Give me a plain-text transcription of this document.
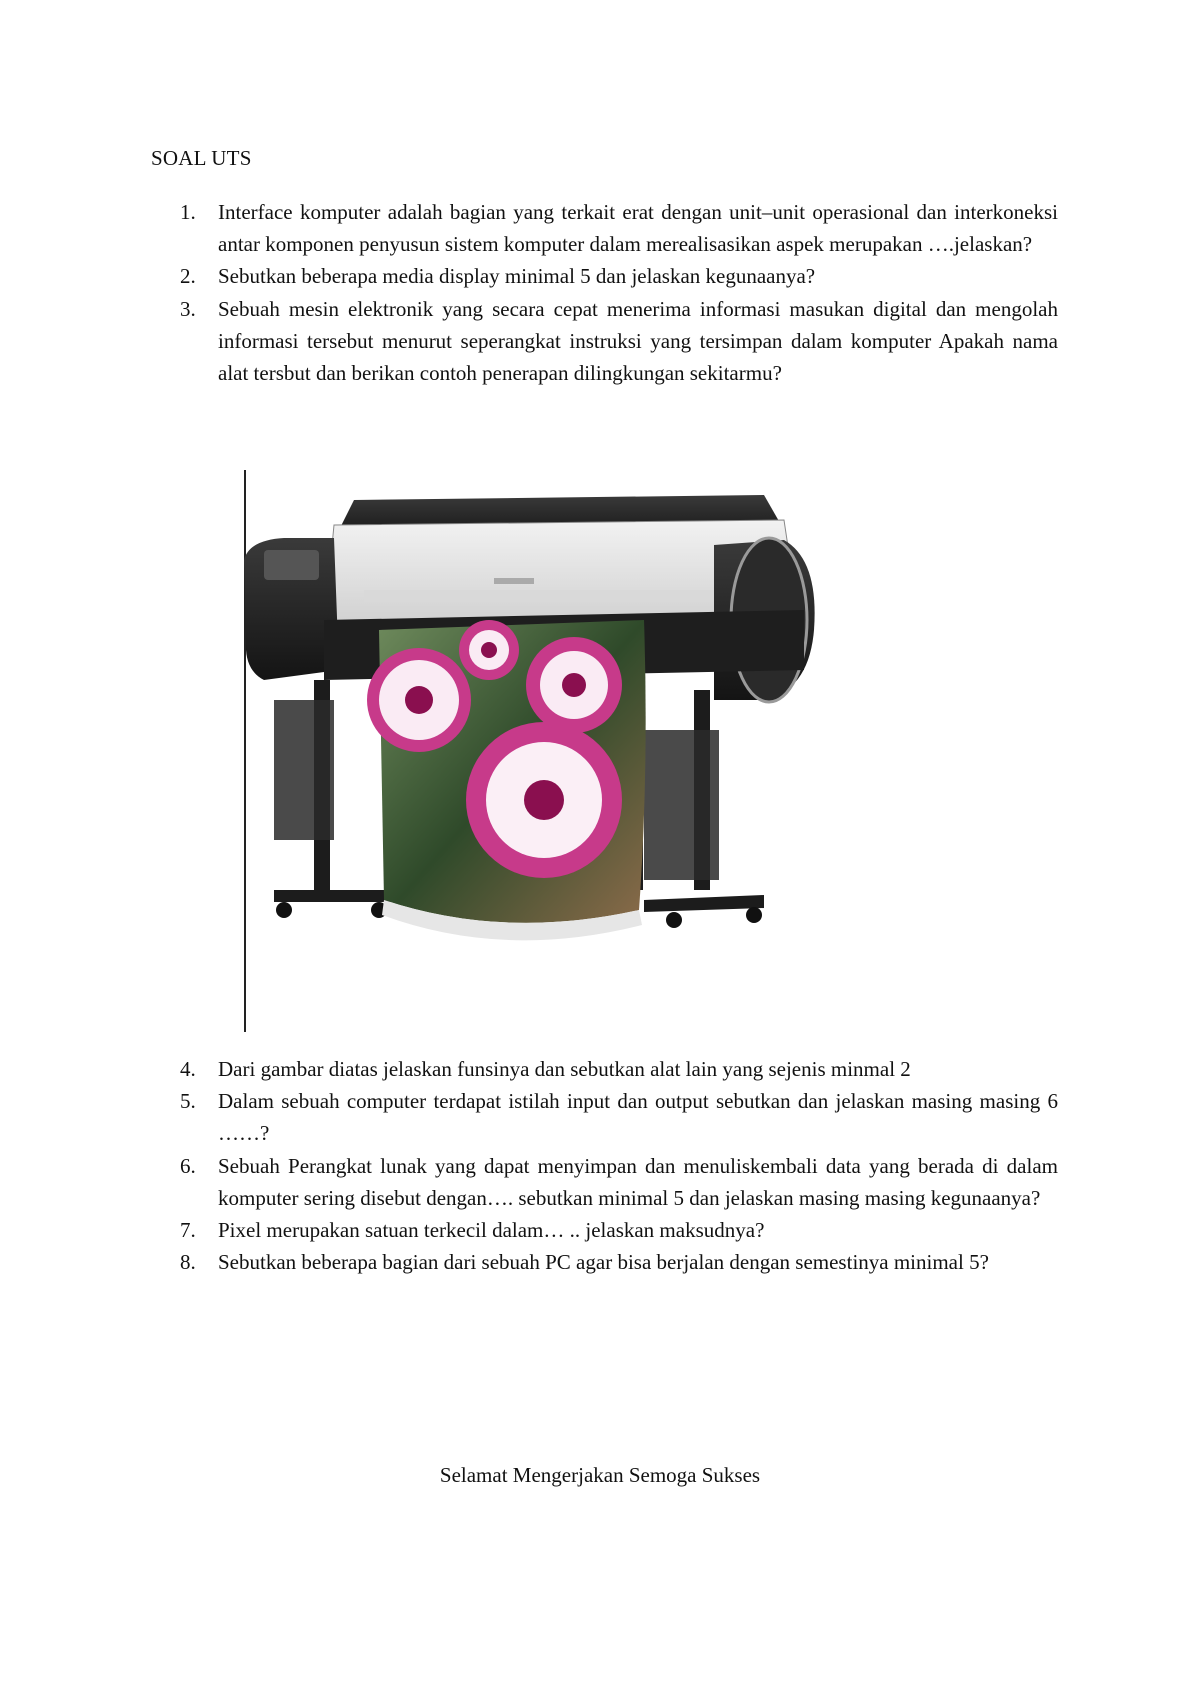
SOAL UTS
1. Interface komputer adalah bagian yang terkait erat dengan unit–unit operasional dan interkoneksi antar komponen penyusun sistem komputer dalam merealisasikan aspek merupakan ….jelaskan?
2. Sebutkan beberapa media display minimal 5 dan jelaskan kegunaanya?
3. Sebuah mesin elektronik yang secara cepat menerima informasi masukan digital dan mengolah informasi tersebut menurut seperangkat instruksi yang tersimpan dalam komputer Apakah nama alat tersbut dan berikan contoh penerapan dilingkungan sekitarmu?
4. Dari gambar diatas jelaskan funsinya dan sebutkan alat lain yang sejenis minmal 2
5. Dalam sebuah computer terdapat istilah input dan output sebutkan dan jelaskan masing masing 6 ……?
6. Sebuah Perangkat lunak yang dapat menyimpan dan menuliskembali data yang berada di dalam komputer sering disebut dengan…. sebutkan minimal 5 dan jelaskan masing masing kegunaanya?
7. Pixel merupakan satuan terkecil dalam… .. jelaskan maksudnya?
8. Sebutkan beberapa bagian dari sebuah PC agar bisa berjalan dengan semestinya minimal 5?
Selamat Mengerjakan Semoga Sukses
